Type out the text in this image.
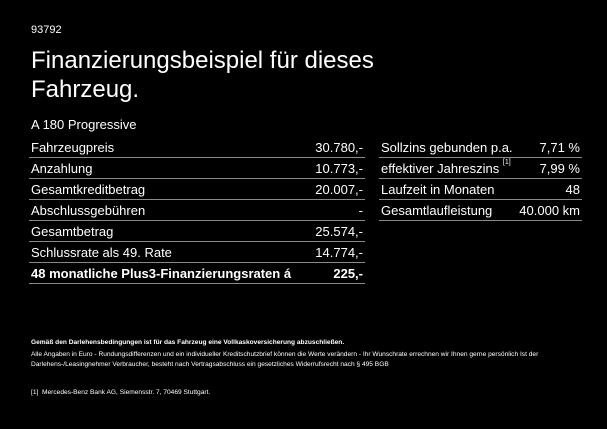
93792
Finanzierungsbeispiel für dieses Fahrzeug.
A 180 Progressive
Fahrzeugpreis	30.780,-
Anzahlung	10.773,-
Gesamtkreditbetrag	20.007,-
Abschlussgebühren	-
Gesamtbetrag	25.574,-
Schlussrate als 49. Rate	14.774,-
48 monatliche Plus3-Finanzierungsraten á	225,-
Sollzins gebunden p.a.	7,71 %
effektiver Jahreszins [1]	7,99 %
Laufzeit in Monaten	48
Gesamtlaufleistung	40.000 km
Gemäß den Darlehensbedingungen ist für das Fahrzeug eine Vollkaskoversicherung abzuschließen.
Alle Angaben in Euro - Rundungsdifferenzen und ein individueller Kreditschutzbrief können die Werte verändern - Ihr Wunschrate errechnen wir Ihnen gerne persönlich Ist der Darlehens-/Leasingnehmer Verbraucher, besteht nach Vertragsabschluss ein gesetzliches Widerrufsrecht nach § 495 BGB
[1] Mercedes-Benz Bank AG, Siemensstr. 7, 70469 Stuttgart.
